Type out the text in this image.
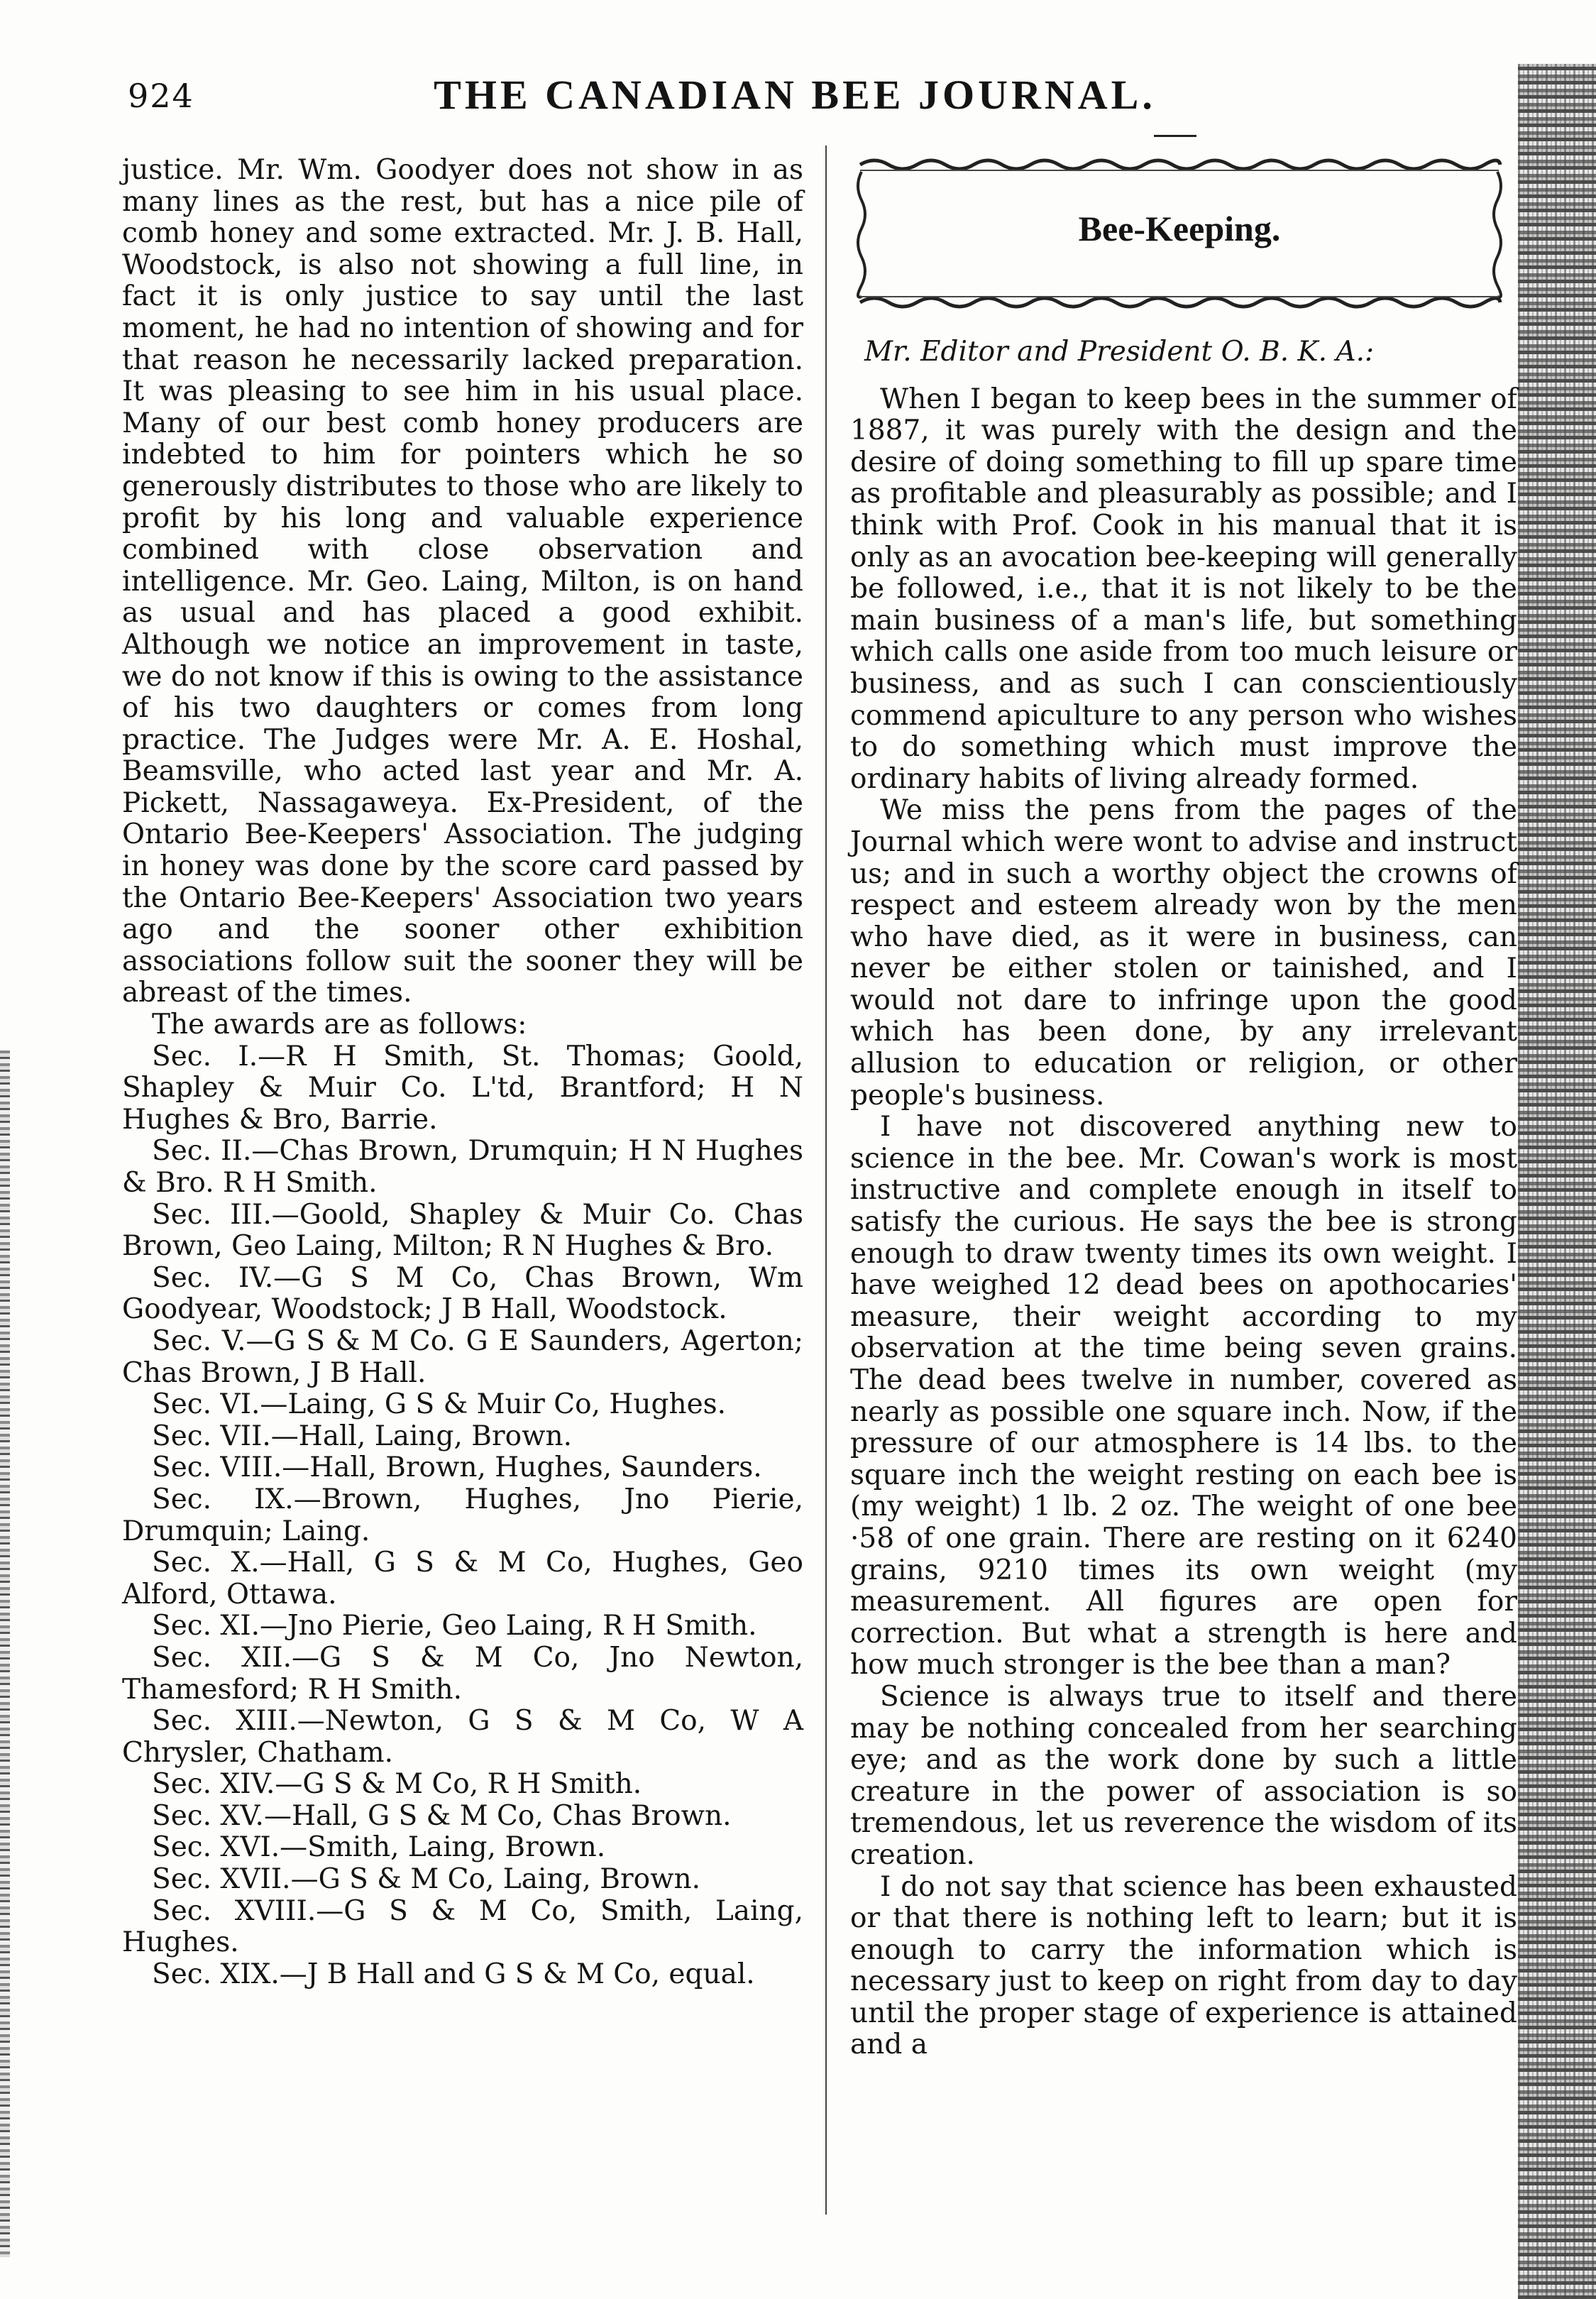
924	THE CANADIAN BEE JOURNAL.

justice. Mr. Wm. Goodyer does not show in as many lines as the rest, but has a nice pile of comb honey and some extracted. Mr. J. B. Hall, Woodstock, is also not showing a full line, in fact it is only justice to say until the last moment, he had no intention of showing and for that reason he necessarily lacked preparation. It was pleasing to see him in his usual place. Many of our best comb honey producers are indebted to him for pointers which he so generously distributes to those who are likely to profit by his long and valuable experience combined with close observation and intelligence. Mr. Geo. Laing, Milton, is on hand as usual and has placed a good exhibit. Although we notice an improvement in taste, we do not know if this is owing to the assistance of his two daughters or comes from long practice. The Judges were Mr. A. E. Hoshal, Beamsville, who acted last year and Mr. A. Pickett, Nassagaweya. Ex-President, of the Ontario Bee-Keepers' Association. The judging in honey was done by the score card passed by the Ontario Bee-Keepers' Association two years ago and the sooner other exhibition associations follow suit the sooner they will be abreast of the times.

The awards are as follows:

Sec. I.—R H Smith, St. Thomas; Goold, Shapley & Muir Co. L'td, Brantford; H N Hughes & Bro, Barrie.

Sec. II.—Chas Brown, Drumquin; H N Hughes & Bro. R H Smith.

Sec. III.—Goold, Shapley & Muir Co. Chas Brown, Geo Laing, Milton; R N Hughes & Bro.

Sec. IV.—G S M Co, Chas Brown, Wm Goodyear, Woodstock; J B Hall, Woodstock.

Sec. V.—G S & M Co. G E Saunders, Agerton; Chas Brown, J B Hall.

Sec. VI.—Laing, G S & Muir Co, Hughes.

Sec. VII.—Hall, Laing, Brown.

Sec. VIII.—Hall, Brown, Hughes, Saunders.

Sec. IX.—Brown, Hughes, Jno Pierie, Drumquin; Laing.

Sec. X.—Hall, G S & M Co, Hughes, Geo Alford, Ottawa.

Sec. XI.—Jno Pierie, Geo Laing, R H Smith.

Sec. XII.—G S & M Co, Jno Newton, Thamesford; R H Smith.

Sec. XIII.—Newton, G S & M Co, W A Chrysler, Chatham.

Sec. XIV.—G S & M Co, R H Smith.

Sec. XV.—Hall, G S & M Co, Chas Brown.

Sec. XVI.—Smith, Laing, Brown.

Sec. XVII.—G S & M Co, Laing, Brown.

Sec. XVIII.—G S & M Co, Smith, Laing, Hughes.

Sec. XIX.—J B Hall and G S & M Co, equal.

Bee-Keeping.

Mr. Editor and President O. B. K. A.:

When I began to keep bees in the summer of 1887, it was purely with the design and the desire of doing something to fill up spare time as profitable and pleasurably as possible; and I think with Prof. Cook in his manual that it is only as an avocation bee-keeping will generally be followed, i.e., that it is not likely to be the main business of a man's life, but something which calls one aside from too much leisure or business, and as such I can conscientiously commend apiculture to any person who wishes to do something which must improve the ordinary habits of living already formed.

We miss the pens from the pages of the Journal which were wont to advise and instruct us; and in such a worthy object the crowns of respect and esteem already won by the men who have died, as it were in business, can never be either stolen or tainished, and I would not dare to infringe upon the good which has been done, by any irrelevant allusion to education or religion, or other people's business.

I have not discovered anything new to science in the bee. Mr. Cowan's work is most instructive and complete enough in itself to satisfy the curious. He says the bee is strong enough to draw twenty times its own weight. I have weighed 12 dead bees on apothocaries' measure, their weight according to my observation at the time being seven grains. The dead bees twelve in number, covered as nearly as possible one square inch. Now, if the pressure of our atmosphere is 14 lbs. to the square inch the weight resting on each bee is (my weight) 1 lb. 2 oz. The weight of one bee ·58 of one grain. There are resting on it 6240 grains, 9210 times its own weight (my measurement. All figures are open for correction. But what a strength is here and how much stronger is the bee than a man?

Science is always true to itself and there may be nothing concealed from her searching eye; and as the work done by such a little creature in the power of association is so tremendous, let us reverence the wisdom of its creation.

I do not say that science has been exhausted or that there is nothing left to learn; but it is enough to carry the information which is necessary just to keep on right from day to day until the proper stage of experience is attained and a
